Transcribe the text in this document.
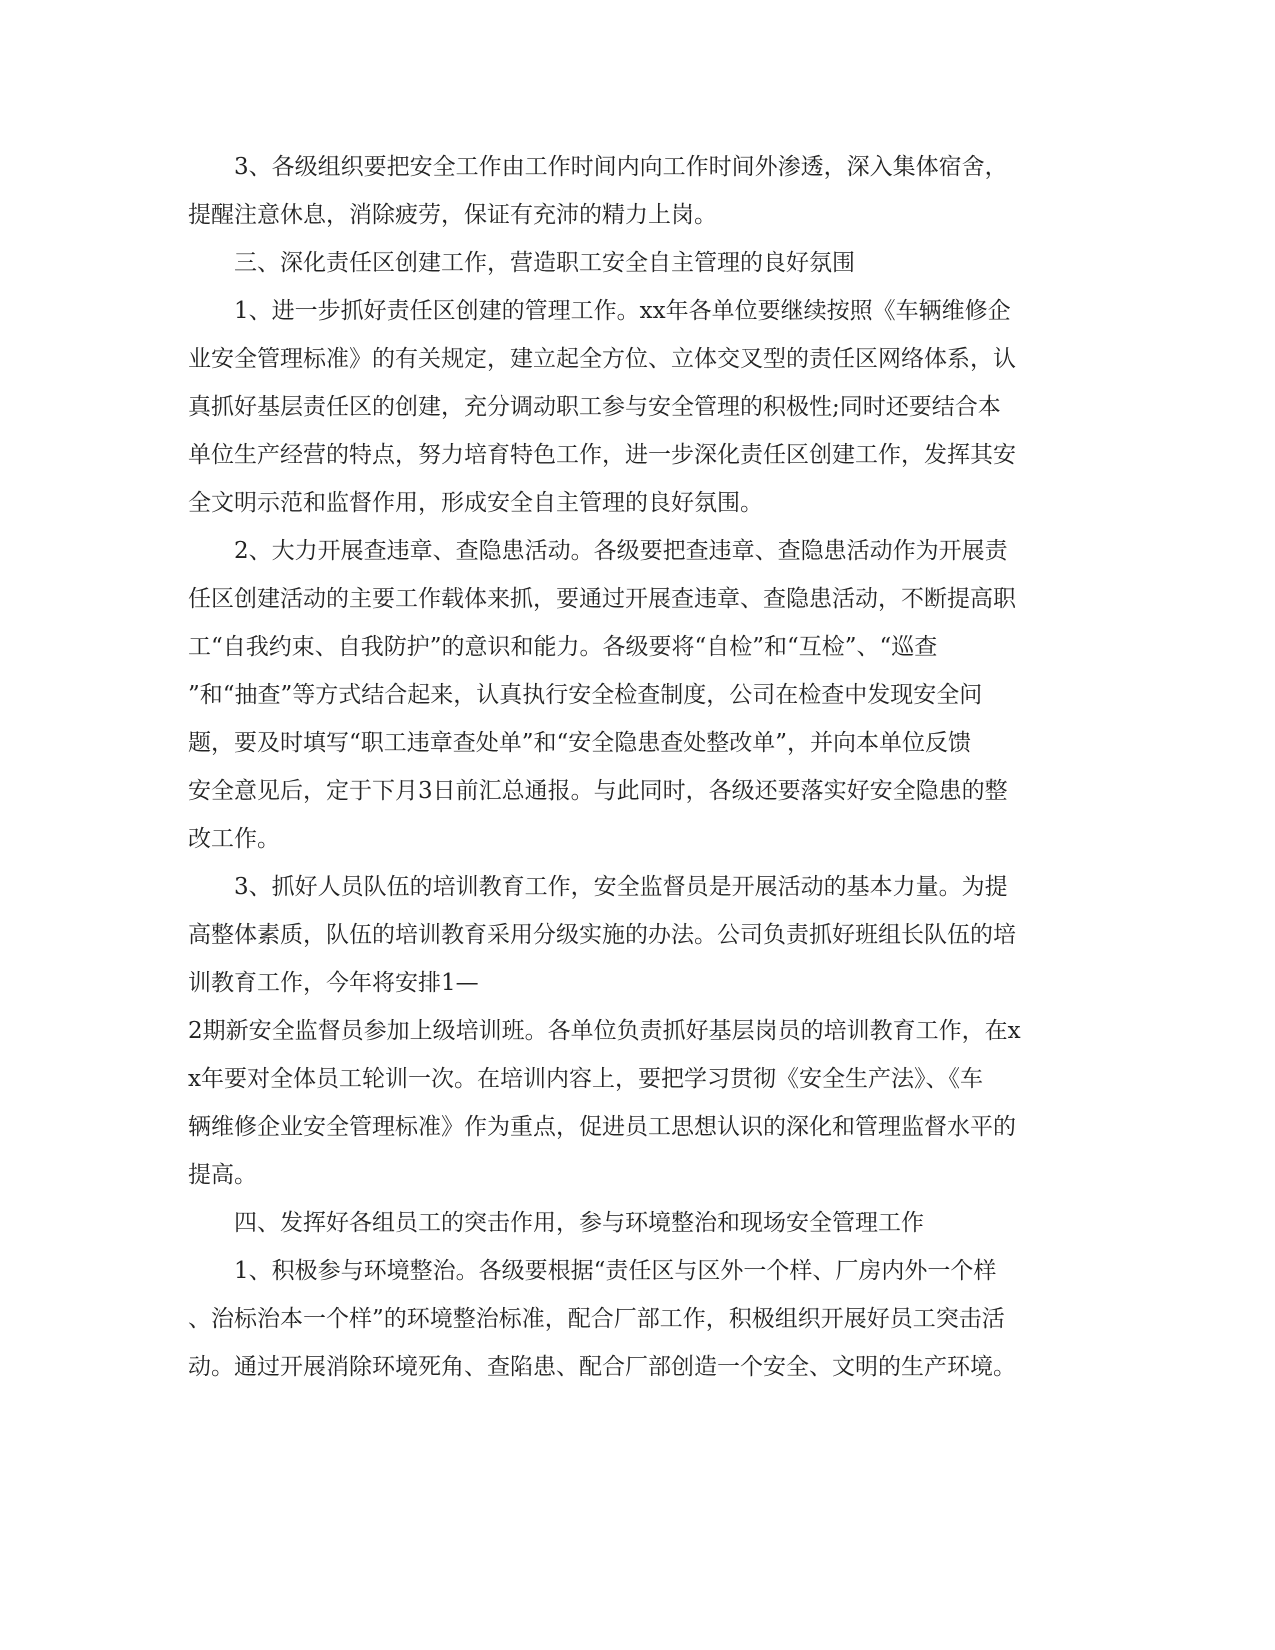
3、各级组织要把安全工作由工作时间内向工作时间外渗透，深入集体宿舍，
提醒注意休息，消除疲劳，保证有充沛的精力上岗。
三、深化责任区创建工作，营造职工安全自主管理的良好氛围
1、进一步抓好责任区创建的管理工作。xx年各单位要继续按照《车辆维修企
业安全管理标准》的有关规定，建立起全方位、立体交叉型的责任区网络体系，认
真抓好基层责任区的创建，充分调动职工参与安全管理的积极性;同时还要结合本
单位生产经营的特点，努力培育特色工作，进一步深化责任区创建工作，发挥其安
全文明示范和监督作用，形成安全自主管理的良好氛围。
2、大力开展查违章、查隐患活动。各级要把查违章、查隐患活动作为开展责
任区创建活动的主要工作载体来抓，要通过开展查违章、查隐患活动，不断提高职
工“自我约束、自我防护”的意识和能力。各级要将“自检”和“互检”、“巡查
”和“抽查”等方式结合起来，认真执行安全检查制度，公司在检查中发现安全问
题，要及时填写“职工违章查处单”和“安全隐患查处整改单”，并向本单位反馈
安全意见后，定于下月3日前汇总通报。与此同时，各级还要落实好安全隐患的整
改工作。
3、抓好人员队伍的培训教育工作，安全监督员是开展活动的基本力量。为提
高整体素质，队伍的培训教育采用分级实施的办法。公司负责抓好班组长队伍的培
训教育工作，今年将安排1—
2期新安全监督员参加上级培训班。各单位负责抓好基层岗员的培训教育工作，在x
x年要对全体员工轮训一次。在培训内容上，要把学习贯彻《安全生产法》、《车
辆维修企业安全管理标准》作为重点，促进员工思想认识的深化和管理监督水平的
提高。
四、发挥好各组员工的突击作用，参与环境整治和现场安全管理工作
1、积极参与环境整治。各级要根据“责任区与区外一个样、厂房内外一个样
、治标治本一个样”的环境整治标准，配合厂部工作，积极组织开展好员工突击活
动。通过开展消除环境死角、查陷患、配合厂部创造一个安全、文明的生产环境。
